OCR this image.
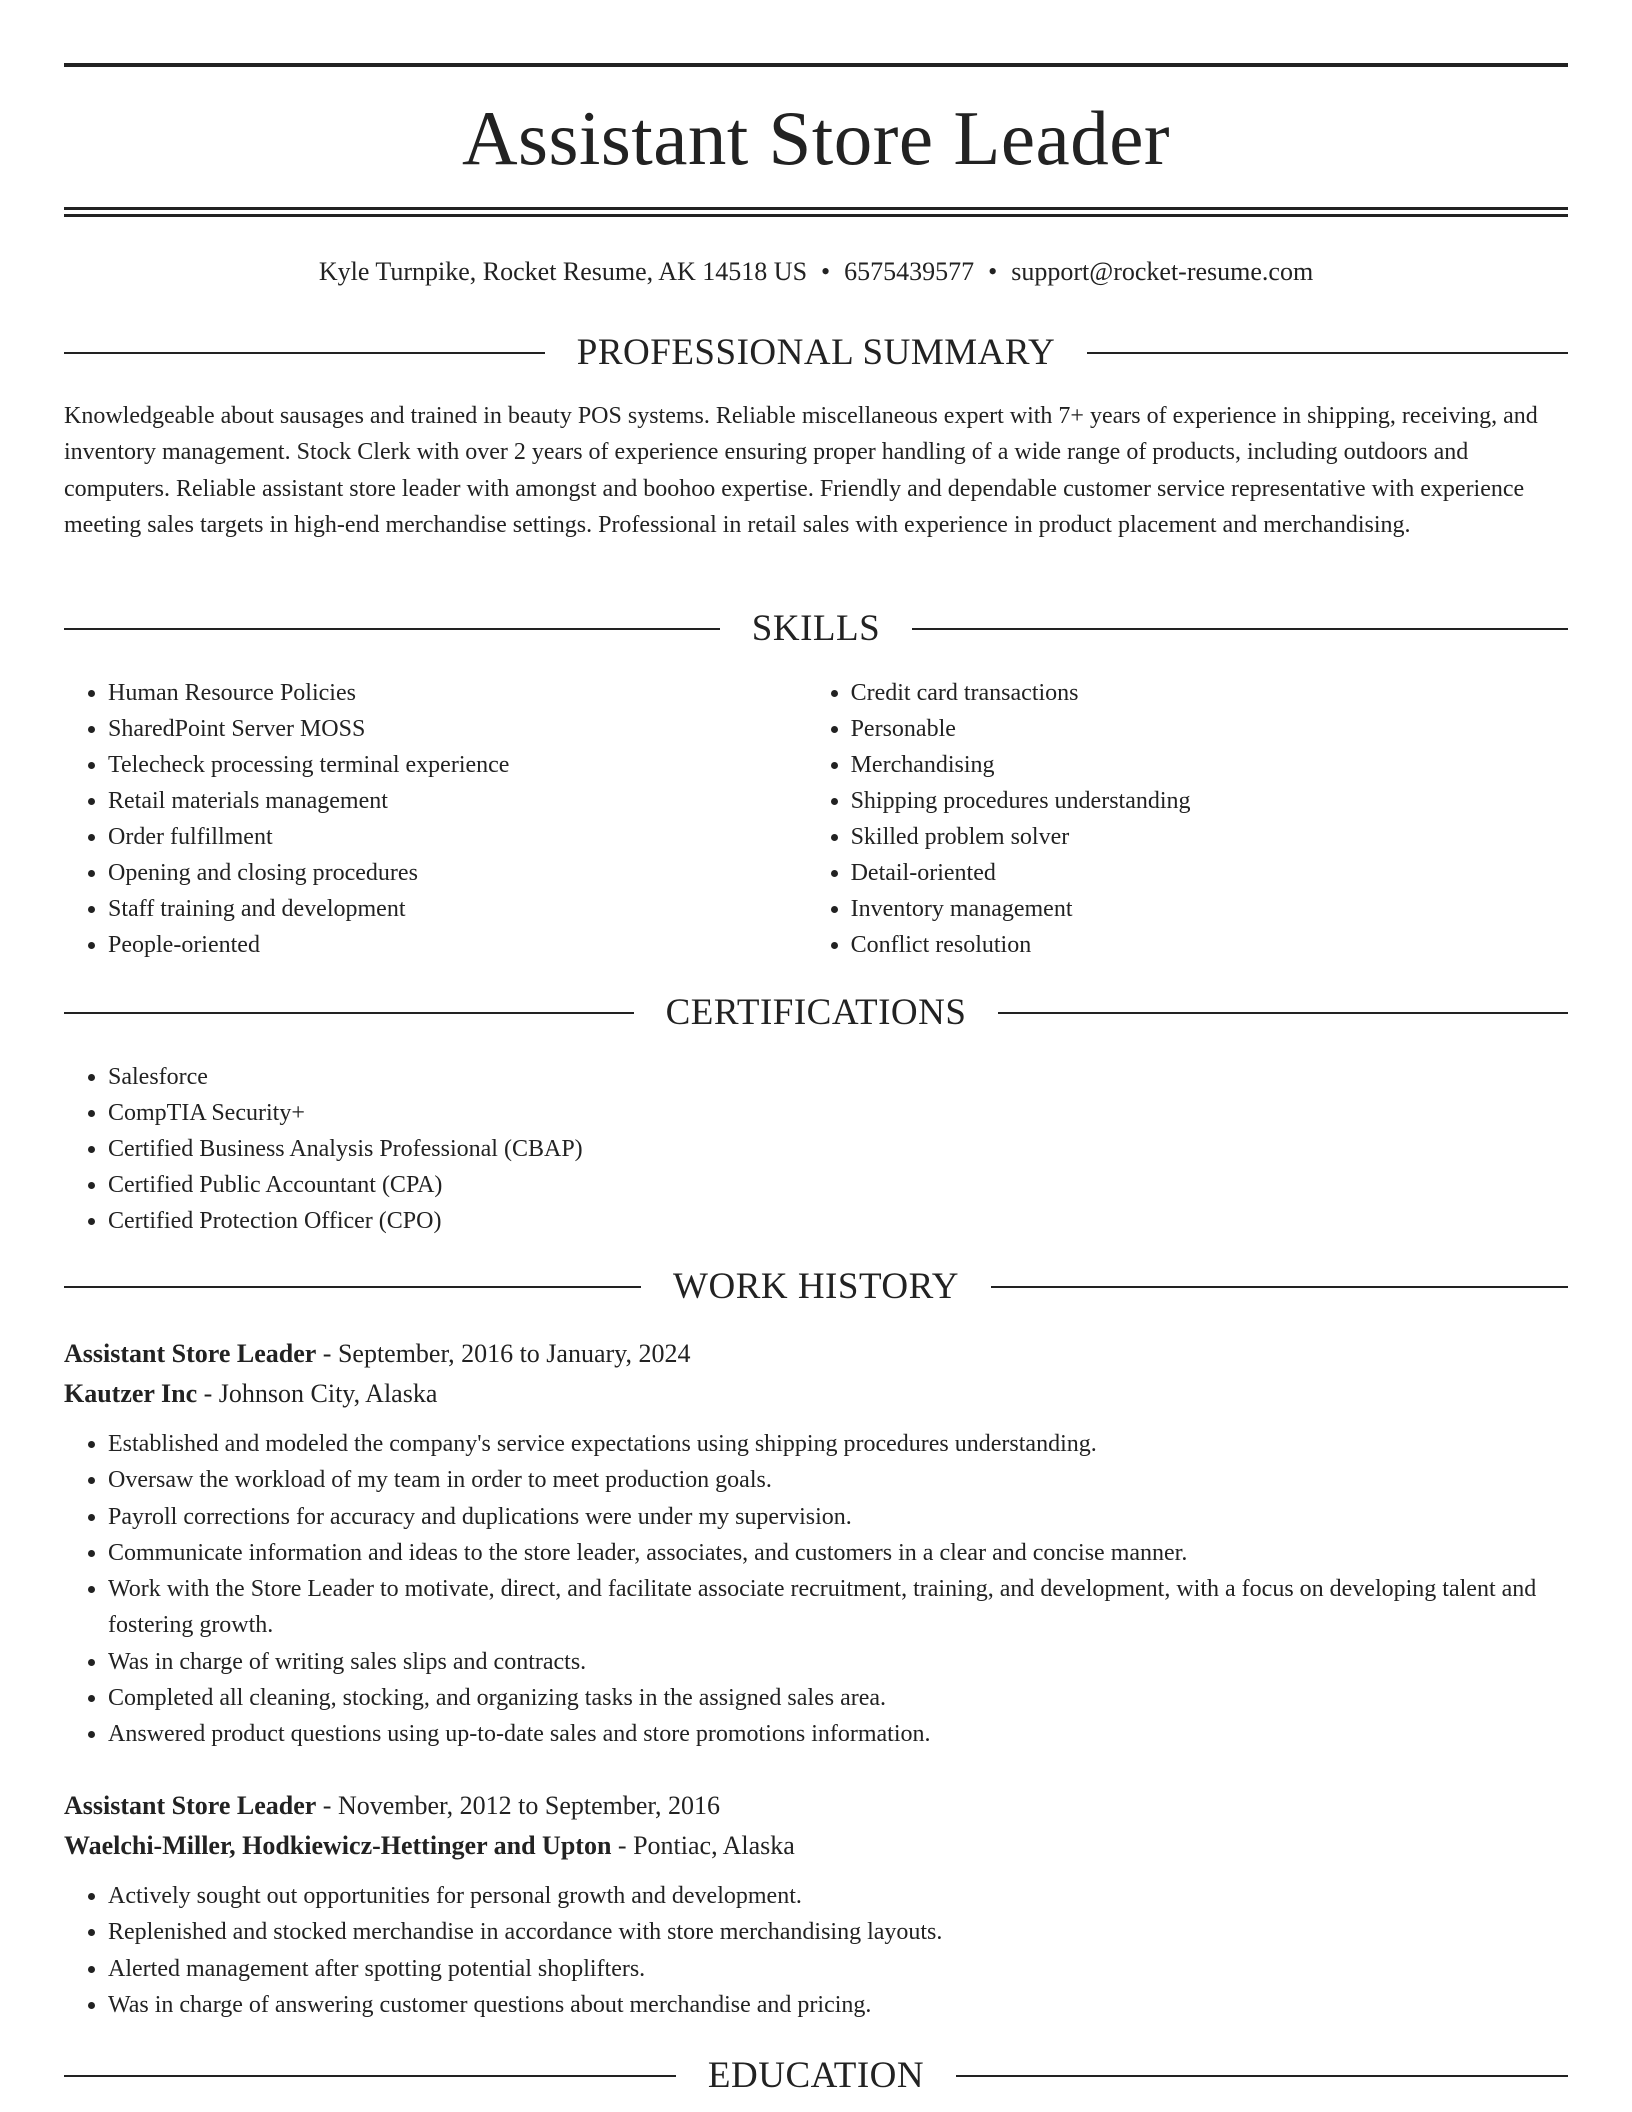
Assistant Store Leader
Kyle Turnpike, Rocket Resume, AK 14518 US • 6575439577 • support@rocket-resume.com
PROFESSIONAL SUMMARY

Knowledgeable about sausages and trained in beauty POS systems. Reliable miscellaneous expert with 7+ years of experience in shipping, receiving, and inventory management. Stock Clerk with over 2 years of experience ensuring proper handling of a wide range of products, including outdoors and computers. Reliable assistant store leader with amongst and boohoo expertise. Friendly and dependable customer service representative with experience meeting sales targets in high-end merchandise settings. Professional in retail sales with experience in product placement and merchandising.

SKILLS
• Human Resource Policies
• SharedPoint Server MOSS
• Telecheck processing terminal experience
• Retail materials management
• Order fulfillment
• Opening and closing procedures
• Staff training and development
• People-oriented
• Credit card transactions
• Personable
• Merchandising
• Shipping procedures understanding
• Skilled problem solver
• Detail-oriented
• Inventory management
• Conflict resolution
CERTIFICATIONS
• Salesforce
• CompTIA Security+
• Certified Business Analysis Professional (CBAP)
• Certified Public Accountant (CPA)
• Certified Protection Officer (CPO)
WORK HISTORY
Assistant Store Leader - September, 2016 to January, 2024
Kautzer Inc - Johnson City, Alaska
• Established and modeled the company's service expectations using shipping procedures understanding.
• Oversaw the workload of my team in order to meet production goals.
• Payroll corrections for accuracy and duplications were under my supervision.
• Communicate information and ideas to the store leader, associates, and customers in a clear and concise manner.
• Work with the Store Leader to motivate, direct, and facilitate associate recruitment, training, and development, with a focus on developing talent and fostering growth.
• Was in charge of writing sales slips and contracts.
• Completed all cleaning, stocking, and organizing tasks in the assigned sales area.
• Answered product questions using up-to-date sales and store promotions information.
Assistant Store Leader - November, 2012 to September, 2016
Waelchi-Miller, Hodkiewicz-Hettinger and Upton - Pontiac, Alaska
• Actively sought out opportunities for personal growth and development.
• Replenished and stocked merchandise in accordance with store merchandising layouts.
• Alerted management after spotting potential shoplifters.
• Was in charge of answering customer questions about merchandise and pricing.
EDUCATION
